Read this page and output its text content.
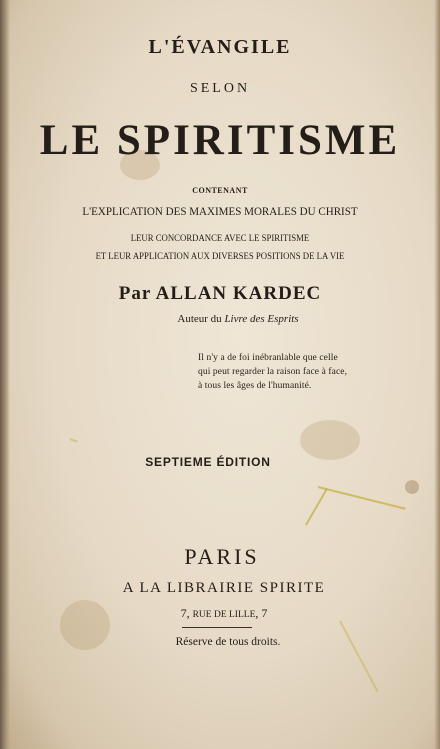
L'ÉVANGILE
SELON
LE SPIRITISME
CONTENANT
L'EXPLICATION DES MAXIMES MORALES DU CHRIST
LEUR CONCORDANCE AVEC LE SPIRITISME
ET LEUR APPLICATION AUX DIVERSES POSITIONS DE LA VIE
Par ALLAN KARDEC
Auteur du Livre des Esprits
Il n'y a de foi inébranlable que celle
qui peut regarder la raison face à face,
à tous les âges de l'humanité.
SEPTIEME ÉDITION
PARIS
A LA LIBRAIRIE SPIRITE
7, RUE DE LILLE, 7
Réserve de tous droits.
